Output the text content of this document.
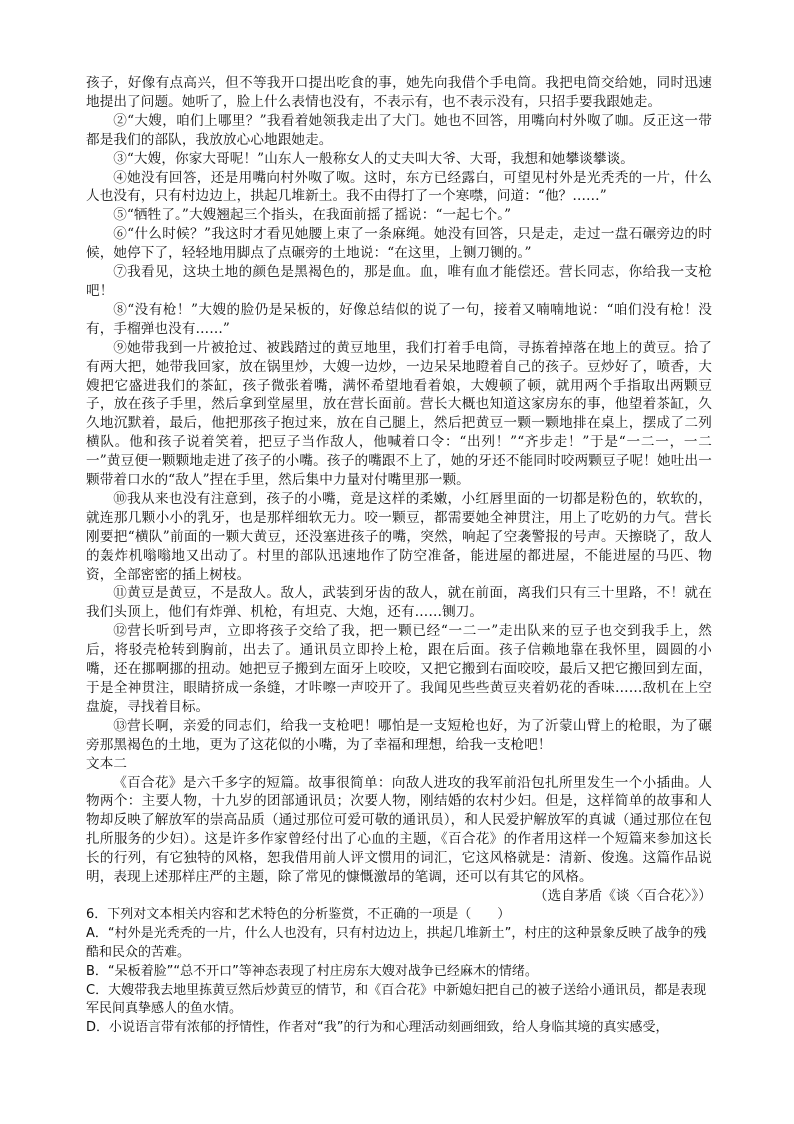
孩子，好像有点高兴，但不等我开口提出吃食的事，她先向我借个手电筒。我把电筒交给她，同时迅速地提出了问题。她听了，脸上什么表情也没有，不表示有，也不表示没有，只招手要我跟她走。

②“大嫂，咱们上哪里？”我看着她领我走出了大门。她也不回答，用嘴向村外呶了咖。反正这一带都是我们的部队，我放放心心地跟她走。

③“大嫂，你家大哥呢！”山东人一般称女人的丈夫叫大爷、大哥，我想和她攀谈攀谈。

④她没有回答，还是用嘴向村外呶了呶。这时，东方已经露白，可望见村外是光秃秃的一片，什么人也没有，只有村边边上，拱起几堆新土。我不由得打了一个寒噤，问道：“他？……”

⑤“牺牲了。”大嫂翘起三个指头，在我面前摇了摇说：“一起七个。”

⑥“什么时候？”我这时才看见她腰上束了一条麻绳。她没有回答，只是走，走过一盘石碾旁边的时候，她停下了，轻轻地用脚点了点碾旁的土地说：“在这里，上铡刀铡的。”

⑦我看见，这块土地的颜色是黑褐色的，那是血。血，唯有血才能偿还。营长同志，你给我一支枪吧！

⑧“没有枪！”大嫂的脸仍是呆板的，好像总结似的说了一句，接着又喃喃地说：“咱们没有枪！没有，手榴弹也没有……”

⑨她带我到一片被抢过、被践踏过的黄豆地里，我们打着手电筒，寻拣着掉落在地上的黄豆。拾了有两大把，她带我回家，放在锅里炒，大嫂一边炒，一边呆呆地瞪着自己的孩子。豆炒好了，喷香，大嫂把它盛进我们的茶缸，孩子微张着嘴，满怀希望地看着娘，大嫂顿了顿，就用两个手指取出两颗豆子，放在孩子手里，然后拿到堂屋里，放在营长面前。营长大概也知道这家房东的事，他望着茶缸，久久地沉默着，最后，他把那孩子抱过来，放在自己腿上，然后把黄豆一颗一颗地排在桌上，摆成了二列横队。他和孩子说着笑着，把豆子当作敌人，他喊着口令：“出列！”“齐步走！”于是“一二一，一二一”黄豆便一颗颗地走进了孩子的小嘴。孩子的嘴跟不上了，她的牙还不能同时咬两颗豆子呢！她吐出一颗带着口水的“敌人”捏在手里，然后集中力量对付嘴里那一颗。

⑩我从来也没有注意到，孩子的小嘴，竟是这样的柔嫩，小红唇里面的一切都是粉色的，软软的，就连那几颗小小的乳牙，也是那样细软无力。咬一颗豆，都需要她全神贯注，用上了吃奶的力气。营长刚要把“横队”前面的一颗大黄豆，还没塞进孩子的嘴，突然，响起了空袭警报的号声。天擦晓了，敌人的轰炸机嗡嗡地又出动了。村里的部队迅速地作了防空准备，能进屋的都进屋，不能进屋的马匹、物资，全部密密的插上树枝。

⑪黄豆是黄豆，不是敌人。敌人，武装到牙齿的敌人，就在前面，离我们只有三十里路，不！就在我们头顶上，他们有炸弹、机枪，有坦克、大炮，还有……铡刀。

⑫营长听到号声，立即将孩子交给了我，把一颗已经“一二一”走出队来的豆子也交到我手上，然后，将驳壳枪转到胸前，出去了。通讯员立即拎上枪，跟在后面。孩子信赖地靠在我怀里，圆圆的小嘴，还在挪啊挪的扭动。她把豆子搬到左面牙上咬咬，又把它搬到右面咬咬，最后又把它搬回到左面，于是全神贯注，眼睛挤成一条缝，才咔嚓一声咬开了。我闻见些些黄豆夹着奶花的香味……敌机在上空盘旋，寻找着目标。

⑬营长啊，亲爱的同志们，给我一支枪吧！哪怕是一支短枪也好，为了沂蒙山臂上的枪眼，为了碾旁那黑褐色的土地，更为了这花似的小嘴，为了幸福和理想，给我一支枪吧！

文本二

《百合花》是六千多字的短篇。故事很简单：向敌人进攻的我军前沿包扎所里发生一个小插曲。人物两个：主要人物，十九岁的团部通讯员；次要人物，刚结婚的农村少妇。但是，这样简单的故事和人物却反映了解放军的崇高品质（通过那位可爱可敬的通讯员），和人民爱护解放军的真诚（通过那位在包扎所服务的少妇）。这是许多作家曾经付出了心血的主题，《百合花》的作者用这样一个短篇来参加这长长的行列，有它独特的风格，恕我借用前人评文惯用的词汇，它这风格就是：清新、俊逸。这篇作品说明，表现上述那样庄严的主题，除了常见的慷慨激昂的笔调，还可以有其它的风格。
（选自茅盾《谈〈百合花〉》）

6．下列对文本相关内容和艺术特色的分析鉴赏，不正确的一项是（　　）

A．“村外是光秃秃的一片，什么人也没有，只有村边边上，拱起几堆新土”，村庄的这种景象反映了战争的残酷和民众的苦难。

B．“呆板着脸”“总不开口”等神态表现了村庄房东大嫂对战争已经麻木的情绪。

C．大嫂带我去地里拣黄豆然后炒黄豆的情节，和《百合花》中新媳妇把自己的被子送给小通讯员，都是表现军民间真挚感人的鱼水情。

D．小说语言带有浓郁的抒情性，作者对“我”的行为和心理活动刻画细致，给人身临其境的真实感受，
